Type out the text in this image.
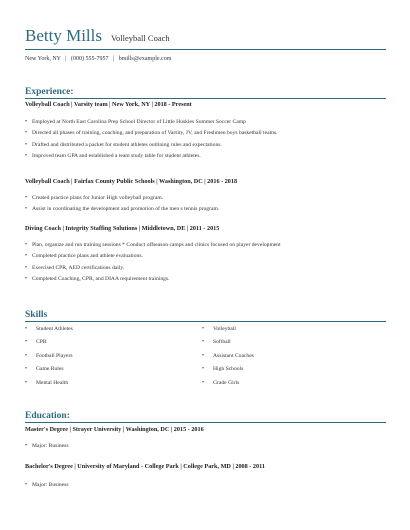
Betty Mills Volleyball Coach
New York, NY | (000) 555-7957 | bmills@example.com
Experience:
Volleyball Coach | Varsity team | New York, NY | 2018 - Present
• Employed at North East Carolina Prep School Director of Little Huskies Summer Soccer Camp
• Directed all phases of training, coaching, and preparation of Varsity, JV, and Freshmen boys basketball teams.
• Drafted and distributed a packet for student athletes outlining rules and expectations.
• Improved team GPA and established a team study table for student athletes.
Volleyball Coach | Fairfax County Public Schools | Washington, DC | 2016 - 2018
• Created practice plans for Junior High volleyball program.
• Assist in coordinating the development and promotion of the men s tennis program.
Diving Coach | Integrity Staffing Solutions | Middletown, DE | 2011 - 2015
• Plan, organize and run training sessions * Conduct offseason camps and clinics focused on player development
• Completed practice plans and athlete evaluations.
• Exercised CPR, AED certifications daily.
• Completed Coaching, CPR, and DIAA requirement trainings.
Skills
• Student Athletes
• CPR
• Football Players
• Game Rules
• Mental Health
• Volleyball
• Softball
• Assistant Coaches
• High Schools
• Grade Girls
Education:
Master's Degree | Strayer University | Washington, DC | 2015 - 2016
• Major: Business
Bachelor's Degree | University of Maryland - College Park | College Park, MD | 2008 - 2011
• Major: Business
